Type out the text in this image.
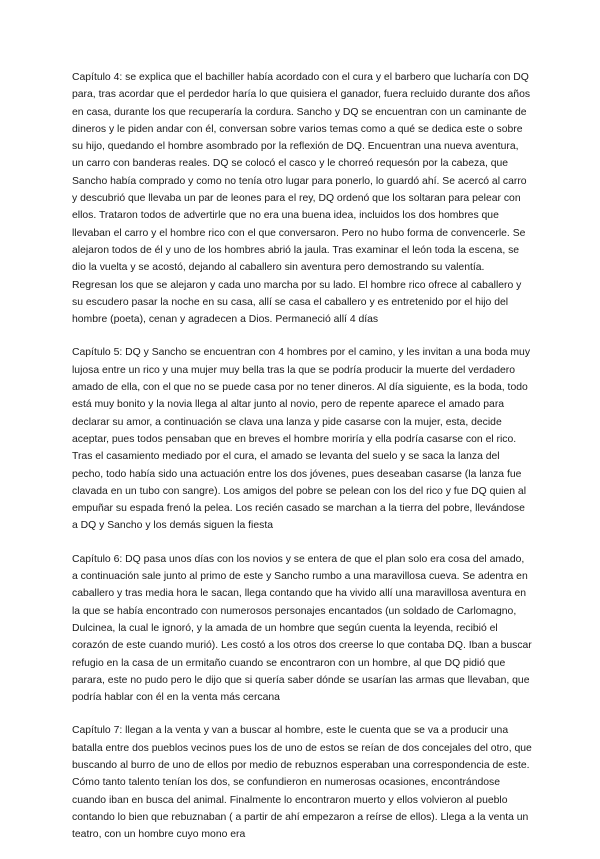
Capítulo 4: se explica que el bachiller había acordado con el cura y el barbero que lucharía con DQ para, tras acordar que el perdedor haría lo que quisiera el ganador, fuera recluido durante dos años en casa, durante los que recuperaría la cordura. Sancho y DQ se encuentran con un caminante de dineros y le piden andar con él, conversan sobre varios temas como a qué se dedica este o sobre su hijo, quedando el hombre asombrado por la reflexión de DQ. Encuentran una nueva aventura, un carro con banderas reales. DQ se colocó el casco y le chorreó requesón por la cabeza, que Sancho había comprado y como no tenía otro lugar para ponerlo, lo guardó ahí. Se acercó al carro y descubrió que llevaba un par de leones para el rey, DQ ordenó que los soltaran para pelear con ellos. Trataron todos de advertirle que no era una buena idea, incluidos los dos hombres que llevaban el carro y el hombre rico con el que conversaron. Pero no hubo forma de convencerle. Se alejaron todos de él y uno de los hombres abrió la jaula. Tras examinar el león toda la escena, se dio la vuelta y se acostó, dejando al caballero sin aventura pero demostrando su valentía. Regresan los que se alejaron y cada uno marcha por su lado. El hombre rico ofrece al caballero y su escudero pasar la noche en su casa, allí se casa el caballero y es entretenido por el hijo del hombre (poeta), cenan y agradecen a Dios. Permaneció allí 4 días

Capítulo 5: DQ y Sancho se encuentran con 4 hombres por el camino, y les invitan a una boda muy lujosa entre un rico y una mujer muy bella tras la que se podría producir la muerte del verdadero amado de ella, con el que no se puede casa por no tener dineros. Al día siguiente, es la boda, todo está muy bonito y la novia llega al altar junto al novio, pero de repente aparece el amado para declarar su amor, a continuación se clava una lanza y pide casarse con la mujer, esta, decide aceptar, pues todos pensaban que en breves el hombre moriría y ella podría casarse con el rico. Tras el casamiento mediado por el cura, el amado se levanta del suelo y se saca la lanza del pecho, todo había sido una actuación entre los dos jóvenes, pues deseaban casarse (la lanza fue clavada en un tubo con sangre). Los amigos del pobre se pelean con los del rico y fue DQ quien al empuñar su espada frenó la pelea. Los recién casado se marchan a la tierra del pobre, llevándose a DQ y Sancho y los demás siguen la fiesta

Capítulo 6: DQ pasa unos días con los novios y se entera de que el plan solo era cosa del amado, a continuación sale junto al primo de este y Sancho rumbo a una maravillosa cueva. Se adentra en caballero y tras media hora le sacan, llega contando que ha vivido allí una maravillosa aventura en la que se había encontrado con numerosos personajes encantados (un soldado de Carlomagno, Dulcinea, la cual le ignoró, y la amada de un hombre que según cuenta la leyenda, recibió el corazón de este cuando murió). Les costó a los otros dos creerse lo que contaba DQ. Iban a buscar refugio en la casa de un ermitaño cuando se encontraron con un hombre, al que DQ pidió que parara, este no pudo pero le dijo que si quería saber dónde se usarían las armas que llevaban, que podría hablar con él en la venta más cercana

Capítulo 7: llegan a la venta y van a buscar al hombre, este le cuenta que se va a producir una batalla entre dos pueblos vecinos pues los de uno de estos se reían de dos concejales del otro, que buscando al burro de uno de ellos por medio de rebuznos esperaban una correspondencia de este. Cómo tanto talento tenían los dos, se confundieron en numerosas ocasiones, encontrándose cuando iban en busca del animal. Finalmente lo encontraron muerto y ellos volvieron al pueblo contando lo bien que rebuznaban ( a partir de ahí empezaron a reírse de ellos). Llega a la venta un teatro, con un hombre cuyo mono era
